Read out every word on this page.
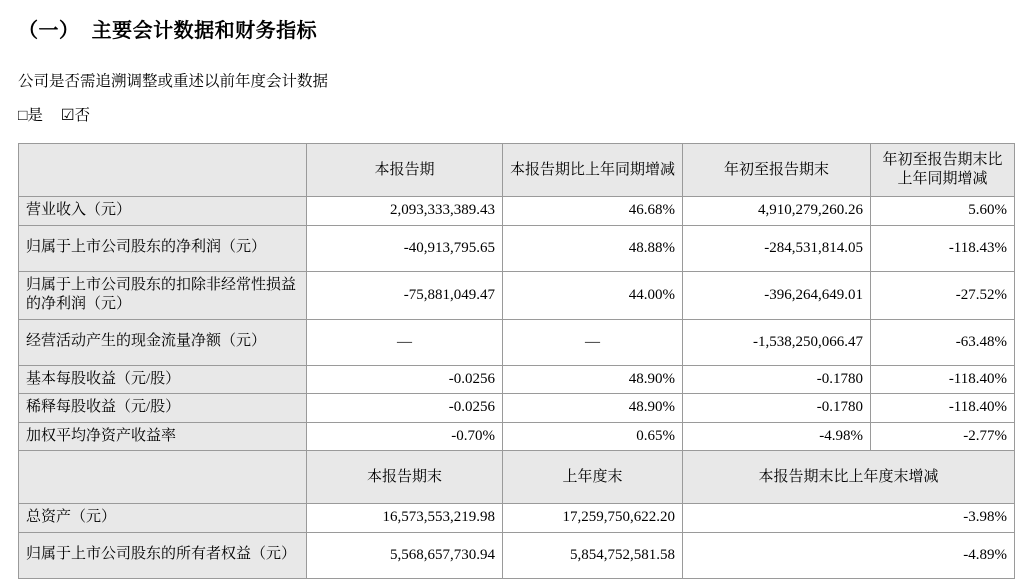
（一）  主要会计数据和财务指标

公司是否需追溯调整或重述以前年度会计数据

□是 ☑否
	本报告期	本报告期比上年同期增减	年初至报告期末	年初至报告期末比上年同期增减
营业收入（元）	2,093,333,389.43	46.68%	4,910,279,260.26	5.60%
归属于上市公司股东的净利润（元）	-40,913,795.65	48.88%	-284,531,814.05	-118.43%
归属于上市公司股东的扣除非经常性损益的净利润（元）	-75,881,049.47	44.00%	-396,264,649.01	-27.52%
经营活动产生的现金流量净额（元）	—	—	-1,538,250,066.47	-63.48%
基本每股收益（元/股）	-0.0256	48.90%	-0.1780	-118.40%
稀释每股收益（元/股）	-0.0256	48.90%	-0.1780	-118.40%
加权平均净资产收益率	-0.70%	0.65%	-4.98%	-2.77%
	本报告期末	上年度末	本报告期末比上年度末增减	
总资产（元）	16,573,553,219.98	17,259,750,622.20	-3.98%	
归属于上市公司股东的所有者权益（元）	5,568,657,730.94	5,854,752,581.58	-4.89%	
